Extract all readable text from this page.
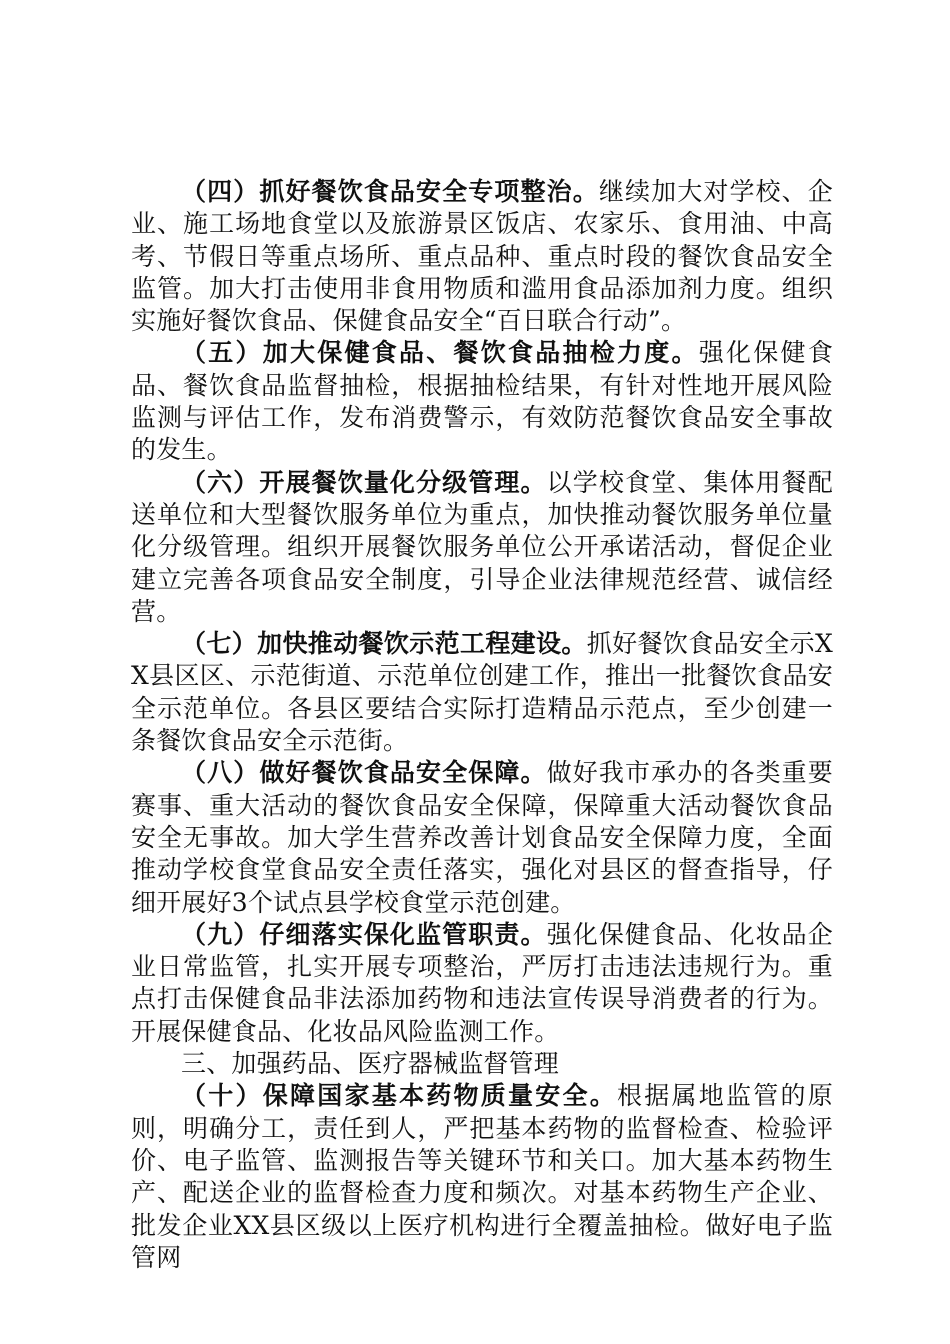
（四）抓好餐饮食品安全专项整治。继续加大对学校、企业、施工场地食堂以及旅游景区饭店、农家乐、食用油、中高考、节假日等重点场所、重点品种、重点时段的餐饮食品安全监管。加大打击使用非食用物质和滥用食品添加剂力度。组织实施好餐饮食品、保健食品安全“百日联合行动”。

（五）加大保健食品、餐饮食品抽检力度。强化保健食品、餐饮食品监督抽检，根据抽检结果，有针对性地开展风险监测与评估工作，发布消费警示，有效防范餐饮食品安全事故的发生。

（六）开展餐饮量化分级管理。以学校食堂、集体用餐配送单位和大型餐饮服务单位为重点，加快推动餐饮服务单位量化分级管理。组织开展餐饮服务单位公开承诺活动，督促企业建立完善各项食品安全制度，引导企业法律规范经营、诚信经营。

（七）加快推动餐饮示范工程建设。抓好餐饮食品安全示XX县区区、示范街道、示范单位创建工作，推出一批餐饮食品安全示范单位。各县区要结合实际打造精品示范点，至少创建一条餐饮食品安全示范街。

（八）做好餐饮食品安全保障。做好我市承办的各类重要赛事、重大活动的餐饮食品安全保障，保障重大活动餐饮食品安全无事故。加大学生营养改善计划食品安全保障力度，全面推动学校食堂食品安全责任落实，强化对县区的督查指导，仔细开展好3个试点县学校食堂示范创建。

（九）仔细落实保化监管职责。强化保健食品、化妆品企业日常监管，扎实开展专项整治，严厉打击违法违规行为。重点打击保健食品非法添加药物和违法宣传误导消费者的行为。开展保健食品、化妆品风险监测工作。

三、加强药品、医疗器械监督管理

（十）保障国家基本药物质量安全。根据属地监管的原则，明确分工，责任到人，严把基本药物的监督检查、检验评价、电子监管、监测报告等关键环节和关口。加大基本药物生产、配送企业的监督检查力度和频次。对基本药物生产企业、批发企业XX县区级以上医疗机构进行全覆盖抽检。做好电子监管网
